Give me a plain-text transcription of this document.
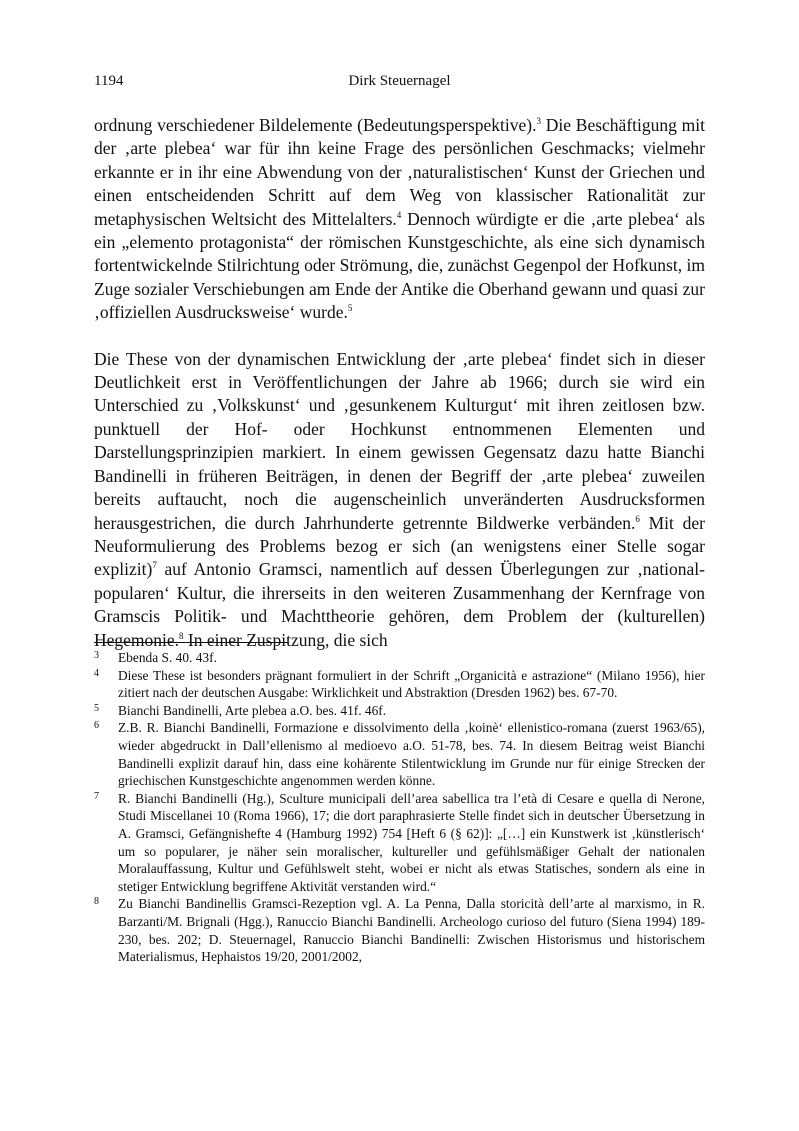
1194	Dirk Steuernagel

ordnung verschiedener Bildelemente (Bedeutungsperspektive).$^3$ Die Beschäftigung mit der ‚arte plebea‘ war für ihn keine Frage des persönlichen Geschmacks; vielmehr erkannte er in ihr eine Abwendung von der ‚naturalistischen‘ Kunst der Griechen und einen entscheidenden Schritt auf dem Weg von klassischer Rationalität zur metaphysischen Weltsicht des Mittelalters.$^4$ Dennoch würdigte er die ‚arte plebea‘ als ein „elemento protagonista“ der römischen Kunstgeschichte, als eine sich dynamisch fortentwickelnde Stilrichtung oder Strömung, die, zunächst Gegenpol der Hofkunst, im Zuge sozialer Verschiebungen am Ende der Antike die Oberhand gewann und quasi zur ‚offiziellen Ausdrucksweise‘ wurde.$^5$

Die These von der dynamischen Entwicklung der ‚arte plebea‘ findet sich in dieser Deutlichkeit erst in Veröffentlichungen der Jahre ab 1966; durch sie wird ein Unterschied zu ‚Volkskunst‘ und ‚gesunkenem Kulturgut‘ mit ihren zeitlosen bzw. punktuell der Hof- oder Hochkunst entnommenen Elementen und Darstellungsprinzipien markiert. In einem gewissen Gegensatz dazu hatte Bianchi Bandinelli in früheren Beiträgen, in denen der Begriff der ‚arte plebea‘ zuweilen bereits auftaucht, noch die augenscheinlich unveränderten Ausdrucksformen herausgestrichen, die durch Jahrhunderte getrennte Bildwerke verbänden.$^6$ Mit der Neuformulierung des Problems bezog er sich (an wenigstens einer Stelle sogar explizit)$^7$ auf Antonio Gramsci, namentlich auf dessen Überlegungen zur ‚national-popularen‘ Kultur, die ihrerseits in den weiteren Zusammenhang der Kernfrage von Gramscis Politik- und Machttheorie gehören, dem Problem der (kulturellen) Hegemonie.$^8$ In einer Zuspitzung, die sich

3	Ebenda S. 40. 43f.
4	Diese These ist besonders prägnant formuliert in der Schrift „Organicità e astrazione“ (Milano 1956), hier zitiert nach der deutschen Ausgabe: Wirklichkeit und Abstraktion (Dresden 1962) bes. 67-70.
5	Bianchi Bandinelli, Arte plebea a.O. bes. 41f. 46f.
6	Z.B. R. Bianchi Bandinelli, Formazione e dissolvimento della ‚koinè‘ ellenistico-romana (zuerst 1963/65), wieder abgedruckt in Dall’ellenismo al medioevo a.O. 51-78, bes. 74. In diesem Beitrag weist Bianchi Bandinelli explizit darauf hin, dass eine kohärente Stilentwicklung im Grunde nur für einige Strecken der griechischen Kunstgeschichte angenommen werden könne.
7	R. Bianchi Bandinelli (Hg.), Sculture municipali dell’area sabellica tra l’età di Cesare e quella di Nerone, Studi Miscellanei 10 (Roma 1966), 17; die dort paraphrasierte Stelle findet sich in deutscher Übersetzung in A. Gramsci, Gefängnishefte 4 (Hamburg 1992) 754 [Heft 6 (§ 62)]: „[…] ein Kunstwerk ist ‚künstlerisch‘ um so popularer, je näher sein moralischer, kultureller und gefühlsmäßiger Gehalt der nationalen Moralauffassung, Kultur und Gefühlswelt steht, wobei er nicht als etwas Statisches, sondern als eine in stetiger Entwicklung begriffene Aktivität verstanden wird.“
8	Zu Bianchi Bandinellis Gramsci-Rezeption vgl. A. La Penna, Dalla storicità dell’arte al marxismo, in R. Barzanti/M. Brignali (Hgg.), Ranuccio Bianchi Bandinelli. Archeologo curioso del futuro (Siena 1994) 189-230, bes. 202; D. Steuernagel, Ranuccio Bianchi Bandinelli: Zwischen Historismus und historischem Materialismus, Hephaistos 19/20, 2001/2002,
